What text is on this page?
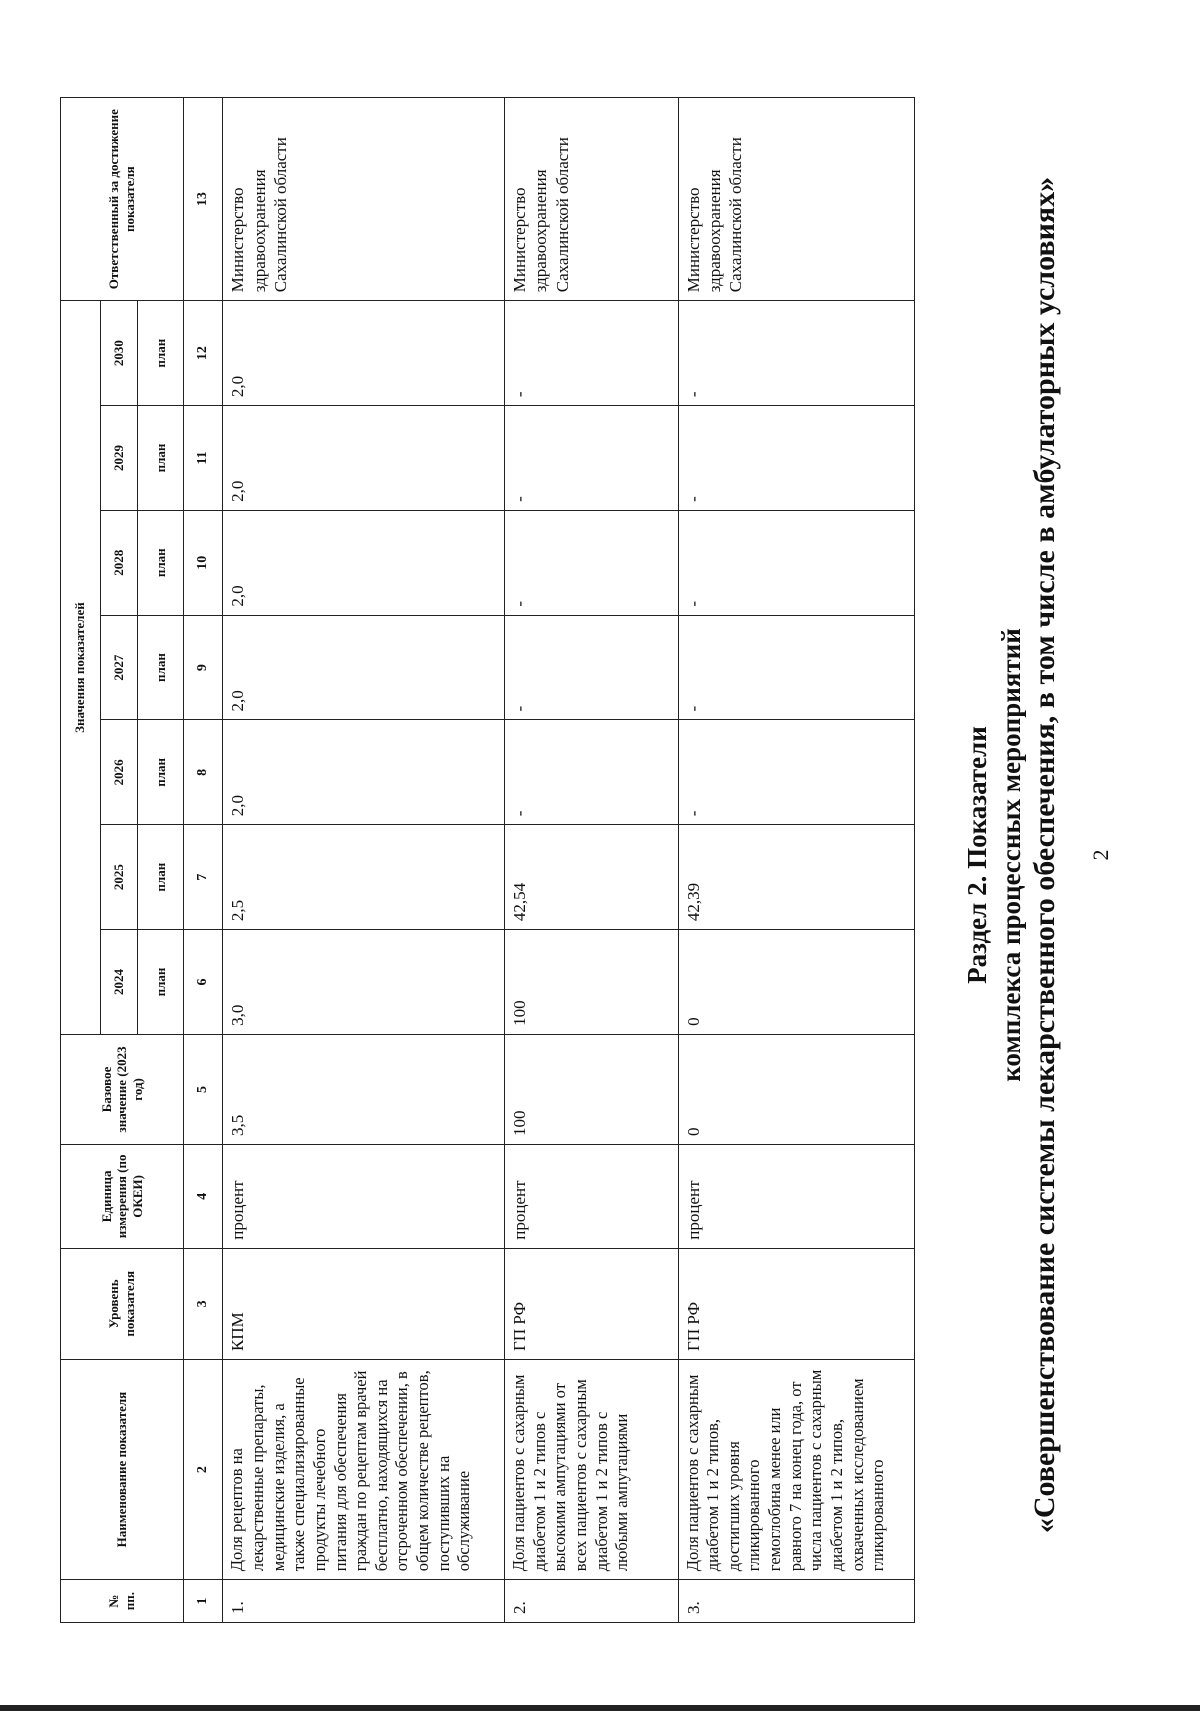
2
Раздел 2. Показатели комплекса процессных мероприятий «Совершенствование системы лекарственного обеспечения, в том числе в амбулаторных условиях»
№ пп.	Наименование показателя	Уровень показателя	Единица измерения (по ОКЕИ)	Базовое значение (2023 год)	Значения показателей							Ответственный за достижение показателя
					2024	2025	2026	2027	2028	2029	2030	
					план	план	план	план	план	план	план	
1	2	3	4	5	6	7	8	9	10	11	12	13
1.	Доля рецептов на лекарственные препараты, медицинские изделия, а также специализированные продукты лечебного питания для обеспечения граждан по рецептам врачей бесплатно, находящихся на отсроченном обеспечении, в общем количестве рецептов, поступивших на обслуживание	КПМ	процент	3,5	3,0	2,5	2,0	2,0	2,0	2,0	2,0	Министерство здравоохранения Сахалинской области
2.	Доля пациентов с сахарным диабетом 1 и 2 типов с высокими ампутациями от всех пациентов с сахарным диабетом 1 и 2 типов с любыми ампутациями	ГП РФ	процент	100	100	42,54	-	-	-	-	-	Министерство здравоохранения Сахалинской области
3.	Доля пациентов с сахарным диабетом 1 и 2 типов, достигших уровня гликированного гемоглобина менее или равного 7 на конец года, от числа пациентов с сахарным диабетом 1 и 2 типов, охваченных исследованием гликированного	ГП РФ	процент	0	0	42,39	-	-	-	-	-	Министерство здравоохранения Сахалинской области
